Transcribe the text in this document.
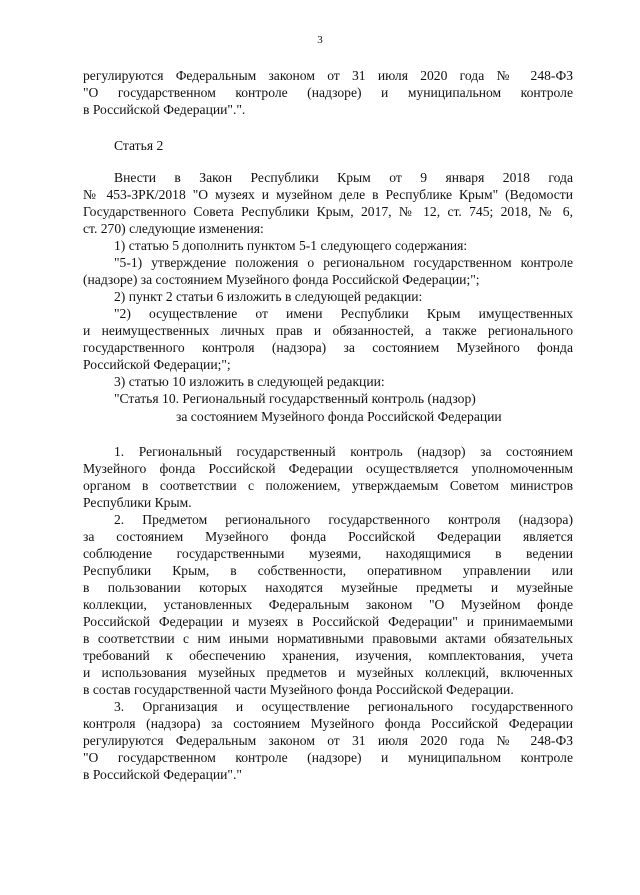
3
регулируются Федеральным законом от 31 июля 2020 года № 248-ФЗ
"О государственном контроле (надзоре) и муниципальном контроле
в Российской Федерации".".
Статья 2
Внести в Закон Республики Крым от 9 января 2018 года
№ 453-ЗРК/2018 "О музеях и музейном деле в Республике Крым" (Ведомости
Государственного Совета Республики Крым, 2017, № 12, ст. 745; 2018, № 6,
ст. 270) следующие изменения:
1) статью 5 дополнить пунктом 5-1 следующего содержания:
"5-1) утверждение положения о региональном государственном контроле
(надзоре) за состоянием Музейного фонда Российской Федерации;";
2) пункт 2 статьи 6 изложить в следующей редакции:
"2) осуществление от имени Республики Крым имущественных
и неимущественных личных прав и обязанностей, а также регионального
государственного контроля (надзора) за состоянием Музейного фонда
Российской Федерации;";
3) статью 10 изложить в следующей редакции:
"Статья 10. Региональный государственный контроль (надзор)
за состоянием Музейного фонда Российской Федерации
1. Региональный государственный контроль (надзор) за состоянием
Музейного фонда Российской Федерации осуществляется уполномоченным
органом в соответствии с положением, утверждаемым Советом министров
Республики Крым.
2. Предметом регионального государственного контроля (надзора)
за состоянием Музейного фонда Российской Федерации является
соблюдение государственными музеями, находящимися в ведении
Республики Крым, в собственности, оперативном управлении или
в пользовании которых находятся музейные предметы и музейные
коллекции, установленных Федеральным законом "О Музейном фонде
Российской Федерации и музеях в Российской Федерации" и принимаемыми
в соответствии с ним иными нормативными правовыми актами обязательных
требований к обеспечению хранения, изучения, комплектования, учета
и использования музейных предметов и музейных коллекций, включенных
в состав государственной части Музейного фонда Российской Федерации.
3. Организация и осуществление регионального государственного
контроля (надзора) за состоянием Музейного фонда Российской Федерации
регулируются Федеральным законом от 31 июля 2020 года № 248-ФЗ
"О государственном контроле (надзоре) и муниципальном контроле
в Российской Федерации"."
